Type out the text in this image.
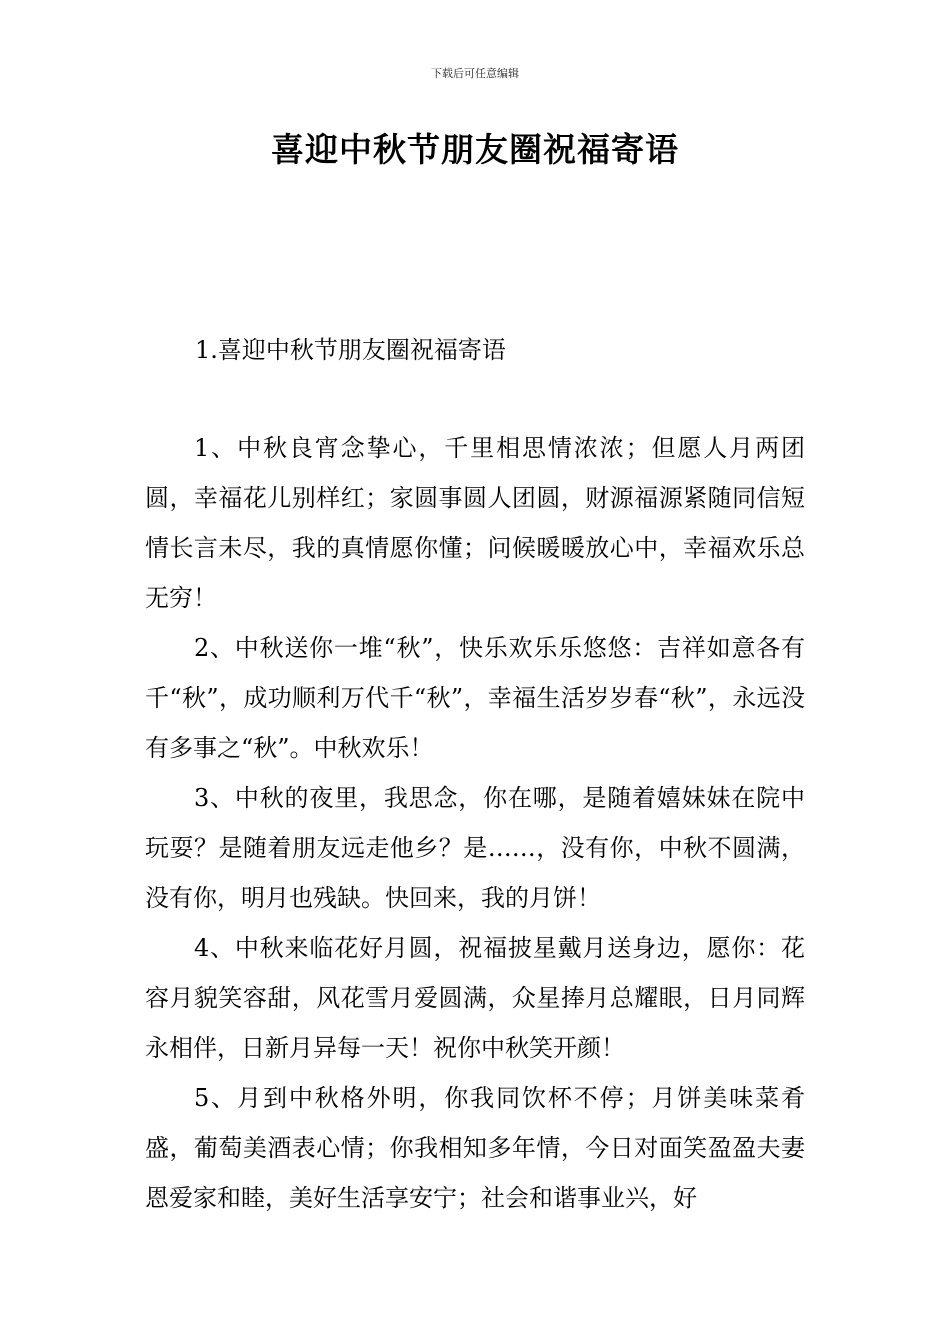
下载后可任意编辑
喜迎中秋节朋友圈祝福寄语
1.喜迎中秋节朋友圈祝福寄语

1、中秋良宵念挚心，千里相思情浓浓；但愿人月两团圆，幸福花儿别样红；家圆事圆人团圆，财源福源紧随同信短情长言未尽，我的真情愿你懂；问候暖暖放心中，幸福欢乐总无穷！

2、中秋送你一堆“秋”，快乐欢乐乐悠悠：吉祥如意各有千“秋”，成功顺利万代千“秋”，幸福生活岁岁春“秋”，永远没有多事之“秋”。中秋欢乐！

3、中秋的夜里，我思念，你在哪，是随着嬉妹妹在院中玩耍？是随着朋友远走他乡？是……，没有你，中秋不圆满，没有你，明月也残缺。快回来，我的月饼！

4、中秋来临花好月圆，祝福披星戴月送身边，愿你：花容月貌笑容甜，风花雪月爱圆满，众星捧月总耀眼，日月同辉永相伴，日新月异每一天！祝你中秋笑开颜！

5、月到中秋格外明，你我同饮杯不停；月饼美味菜肴盛，葡萄美酒表心情；你我相知多年情，今日对面笑盈盈夫妻恩爱家和睦，美好生活享安宁；社会和谐事业兴，好
